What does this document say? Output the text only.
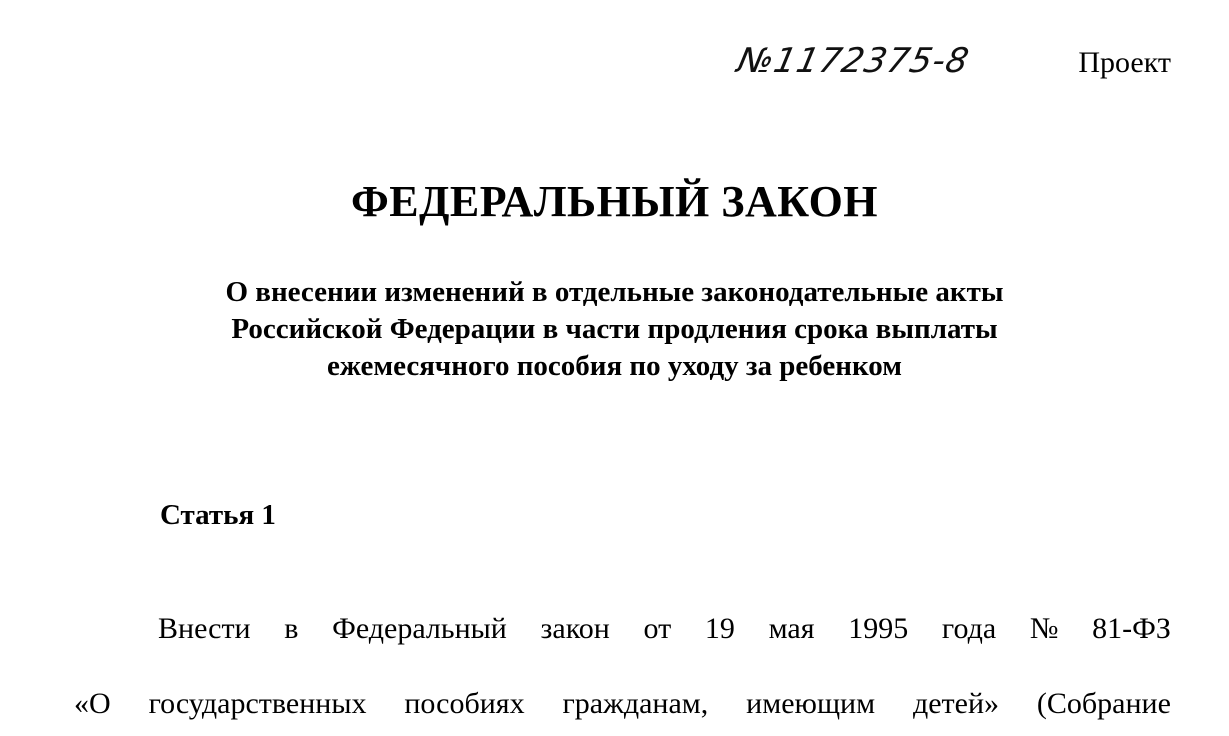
№1172375-8	Проект
ФЕДЕРАЛЬНЫЙ ЗАКОН
О внесении изменений в отдельные законодательные акты
Российской Федерации в части продления срока выплаты
ежемесячного пособия по уходу за ребенком
Статья 1
Внести в Федеральный закон от 19 мая 1995 года № 81-ФЗ
«О государственных пособиях гражданам, имеющим детей» (Собрание
